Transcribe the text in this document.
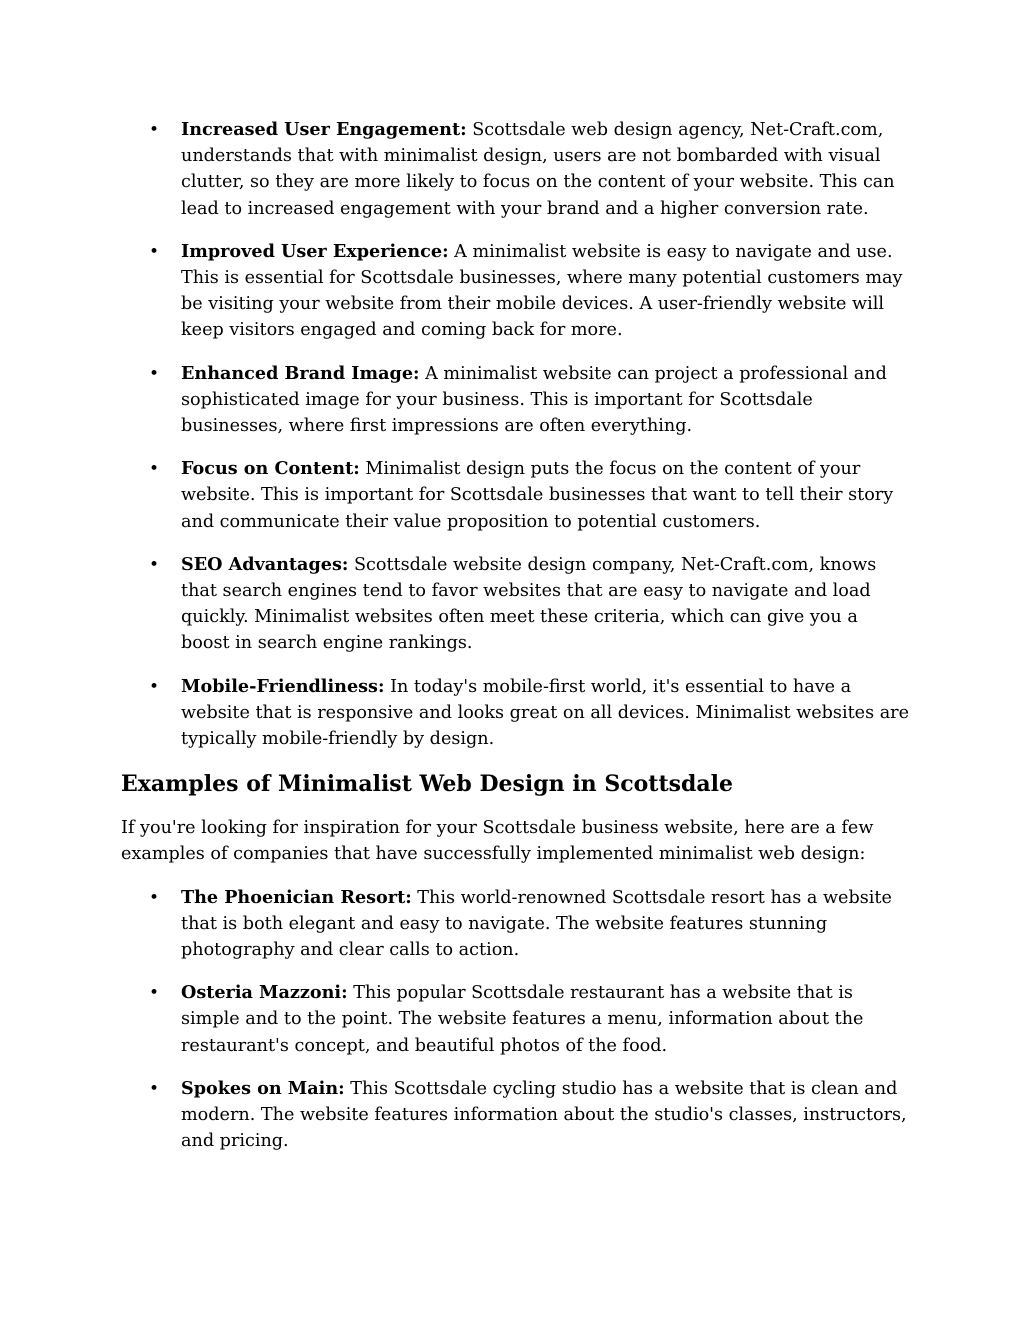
• Increased User Engagement: Scottsdale web design agency, Net-Craft.com, understands that with minimalist design, users are not bombarded with visual clutter, so they are more likely to focus on the content of your website. This can lead to increased engagement with your brand and a higher conversion rate.
• Improved User Experience: A minimalist website is easy to navigate and use. This is essential for Scottsdale businesses, where many potential customers may be visiting your website from their mobile devices. A user-friendly website will keep visitors engaged and coming back for more.
• Enhanced Brand Image: A minimalist website can project a professional and sophisticated image for your business. This is important for Scottsdale businesses, where first impressions are often everything.
• Focus on Content: Minimalist design puts the focus on the content of your website. This is important for Scottsdale businesses that want to tell their story and communicate their value proposition to potential customers.
• SEO Advantages: Scottsdale website design company, Net-Craft.com, knows that search engines tend to favor websites that are easy to navigate and load quickly. Minimalist websites often meet these criteria, which can give you a boost in search engine rankings.
• Mobile-Friendliness: In today's mobile-first world, it's essential to have a website that is responsive and looks great on all devices. Minimalist websites are typically mobile-friendly by design.
Examples of Minimalist Web Design in Scottsdale

If you're looking for inspiration for your Scottsdale business website, here are a few examples of companies that have successfully implemented minimalist web design:

• The Phoenician Resort: This world-renowned Scottsdale resort has a website that is both elegant and easy to navigate. The website features stunning photography and clear calls to action.
• Osteria Mazzoni: This popular Scottsdale restaurant has a website that is simple and to the point. The website features a menu, information about the restaurant's concept, and beautiful photos of the food.
• Spokes on Main: This Scottsdale cycling studio has a website that is clean and modern. The website features information about the studio's classes, instructors, and pricing.
